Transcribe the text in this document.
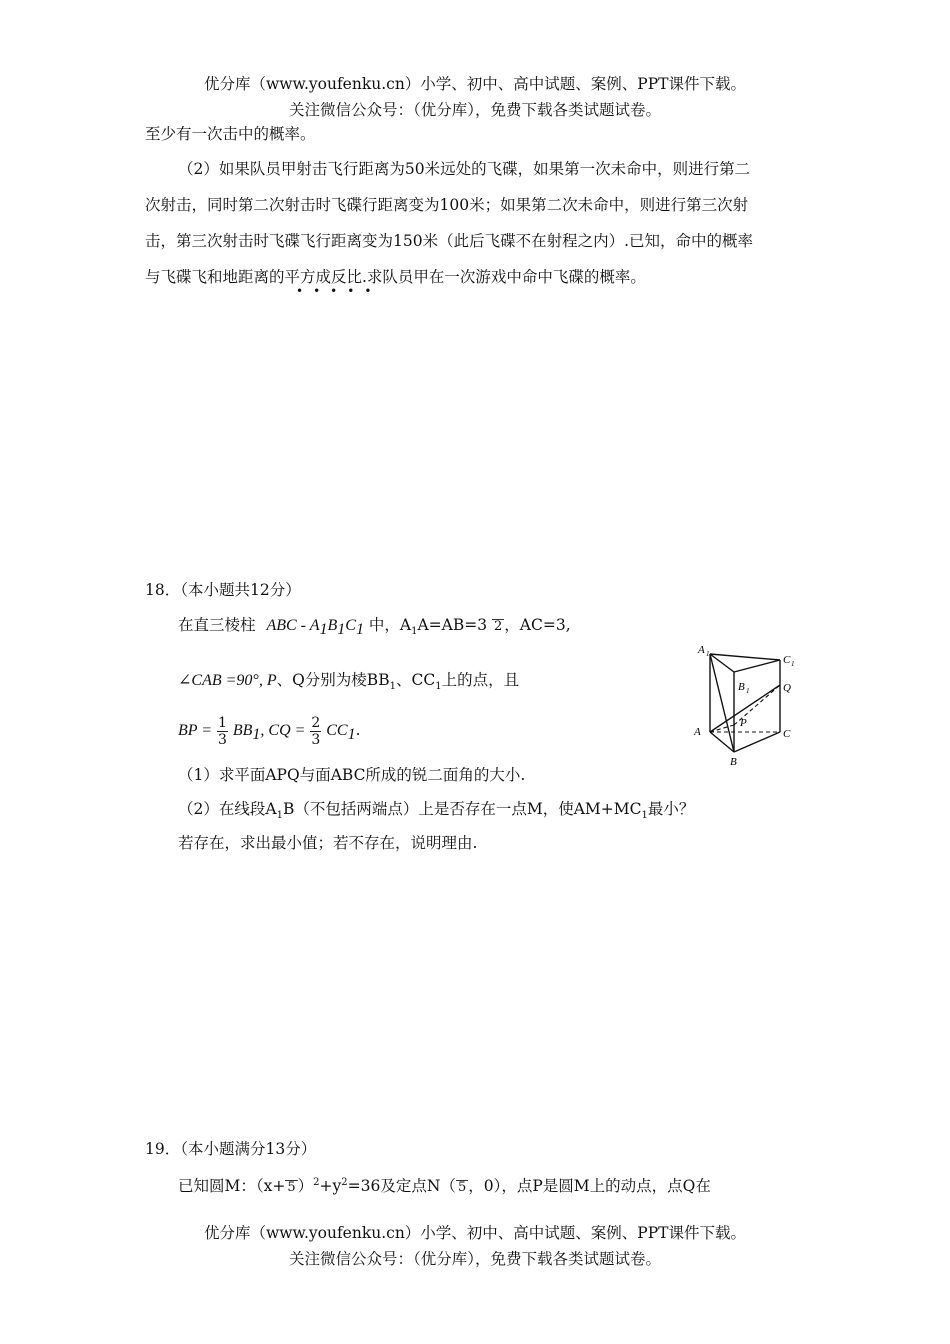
优分库（www.youfenku.cn）小学、初中、高中试题、案例、PPT课件下载。
关注微信公众号：（优分库），免费下载各类试题试卷。
至少有一次击中的概率。
（2）如果队员甲射击飞行距离为50米远处的飞碟，如果第一次未命中，则进行第二
次射击，同时第二次射击时飞碟行距离变为100米；如果第二次未命中，则进行第三次射
击，第三次射击时飞碟飞行距离变为150米（此后飞碟不在射程之内）.已知，命中的概率
与飞碟飞和地距离的平方成反比.求队员甲在一次游戏中命中飞碟的概率。
•••••
18．（本小题共12分）
在直三棱柱 ABC - $A_1B_1C_1$ 中，$A_1A=AB=3$ 2 ，AC=3,
∠CAB =90°, P、Q分别为棱$BB_1$、$CC_1$上的点，且
BP = $\frac{1}{3} BB_1$, CQ = $\frac{2}{3} CC_1$.
（1）求平面APQ与面ABC所成的锐二面角的大小.
（2）在线段$A_1B$（不包括两端点）上是否存在一点M，使$AM+MC_1$最小？
若存在，求出最小值；若不存在，说明理由.
A 1	C 1
B 1	Q
P
A	C
B
19．（本小题满分13分）
已知圆M：（x+ 5 ）$^2+y^2=36$及定点N（ 5 ，0），点P是圆M上的动点，点Q在
优分库（www.youfenku.cn）小学、初中、高中试题、案例、PPT课件下载。
关注微信公众号：（优分库），免费下载各类试题试卷。
